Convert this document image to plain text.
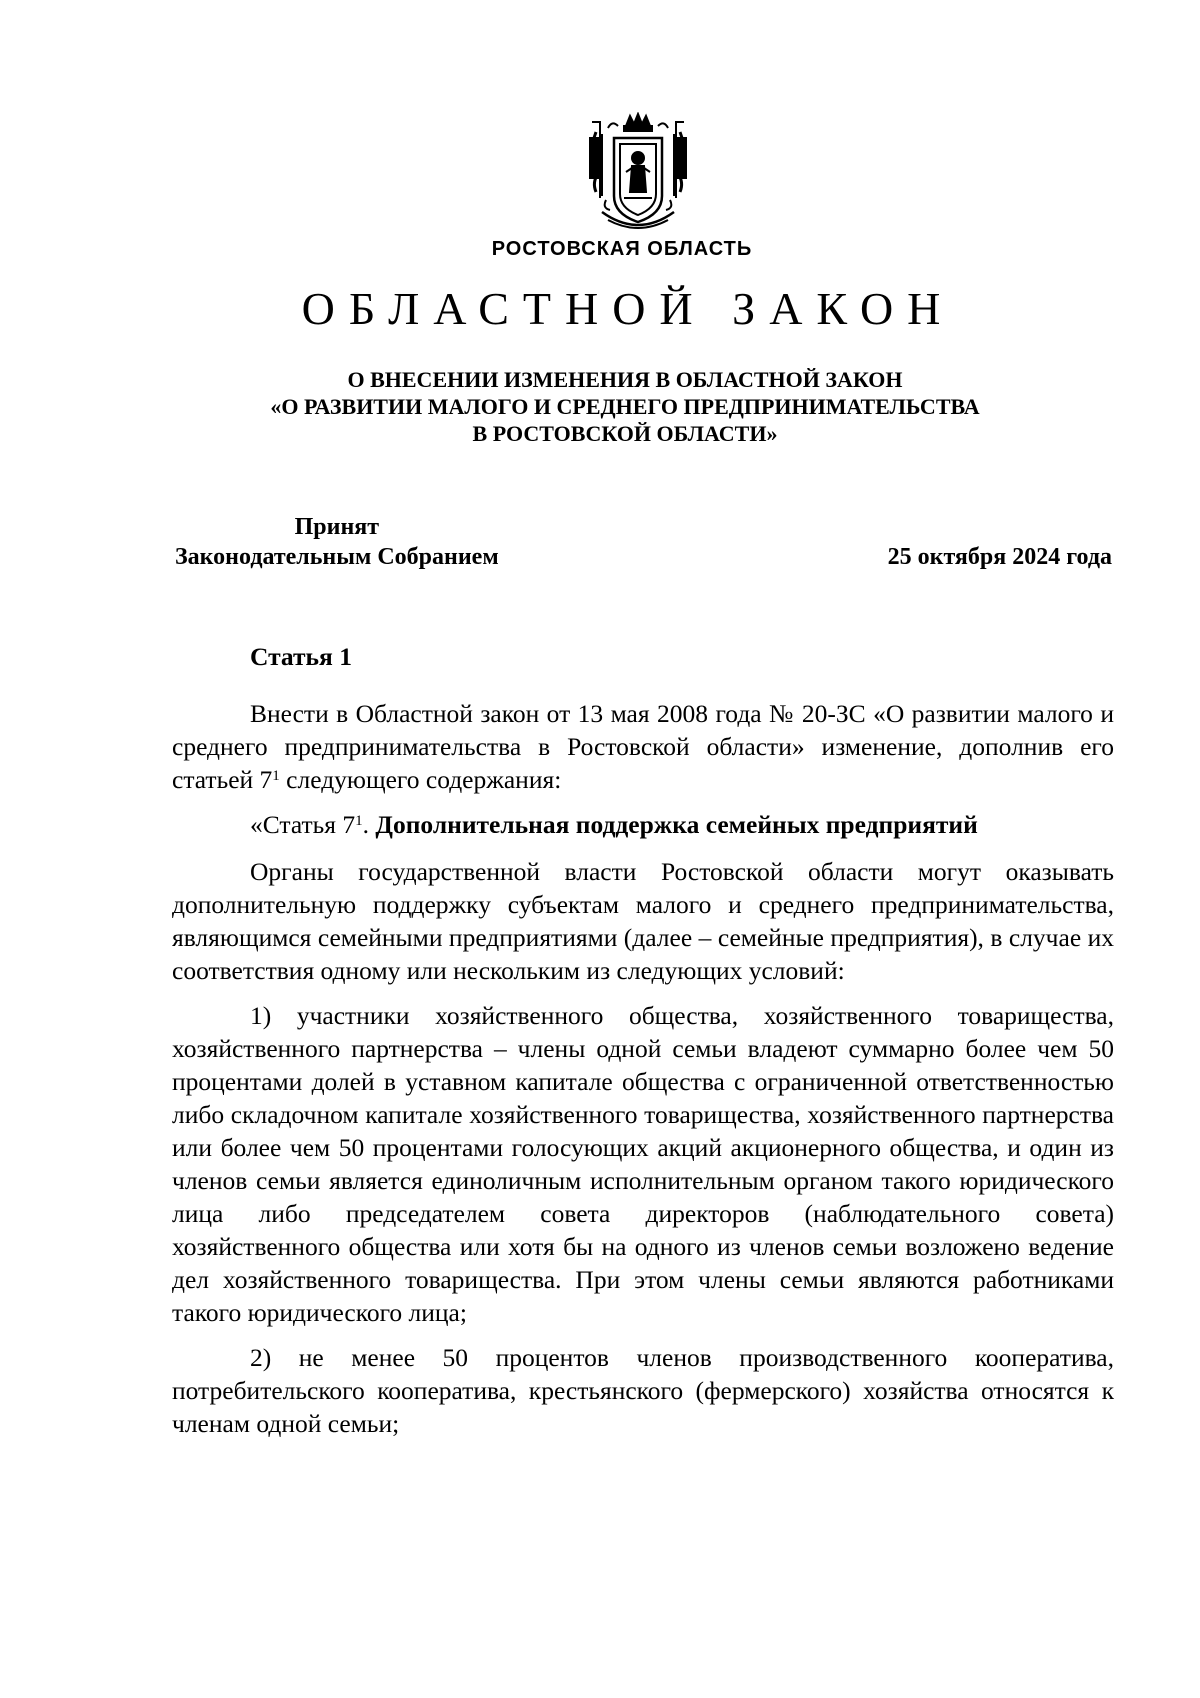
РОСТОВСКАЯ ОБЛАСТЬ
ОБЛАСТНОЙ ЗАКОН
О ВНЕСЕНИИ ИЗМЕНЕНИЯ В ОБЛАСТНОЙ ЗАКОН
«О РАЗВИТИИ МАЛОГО И СРЕДНЕГО ПРЕДПРИНИМАТЕЛЬСТВА
В РОСТОВСКОЙ ОБЛАСТИ»
Принят
Законодательным Собранием	25 октября 2024 года
Статья 1

Внести в Областной закон от 13 мая 2008 года № 20-ЗС «О развитии малого и среднего предпринимательства в Ростовской области» изменение, дополнив его статьей $7^1$ следующего содержания:

«Статья $7^1$. Дополнительная поддержка семейных предприятий

Органы государственной власти Ростовской области могут оказывать дополнительную поддержку субъектам малого и среднего предпринимательства, являющимся семейными предприятиями (далее – семейные предприятия), в случае их соответствия одному или нескольким из следующих условий:

1) участники хозяйственного общества, хозяйственного товарищества, хозяйственного партнерства – члены одной семьи владеют суммарно более чем 50 процентами долей в уставном капитале общества с ограниченной ответственностью либо складочном капитале хозяйственного товарищества, хозяйственного партнерства или более чем 50 процентами голосующих акций акционерного общества, и один из членов семьи является единоличным исполнительным органом такого юридического лица либо председателем совета директоров (наблюдательного совета) хозяйственного общества или хотя бы на одного из членов семьи возложено ведение дел хозяйственного товарищества. При этом члены семьи являются работниками такого юридического лица;

2) не менее 50 процентов членов производственного кооператива, потребительского кооператива, крестьянского (фермерского) хозяйства относятся к членам одной семьи;
